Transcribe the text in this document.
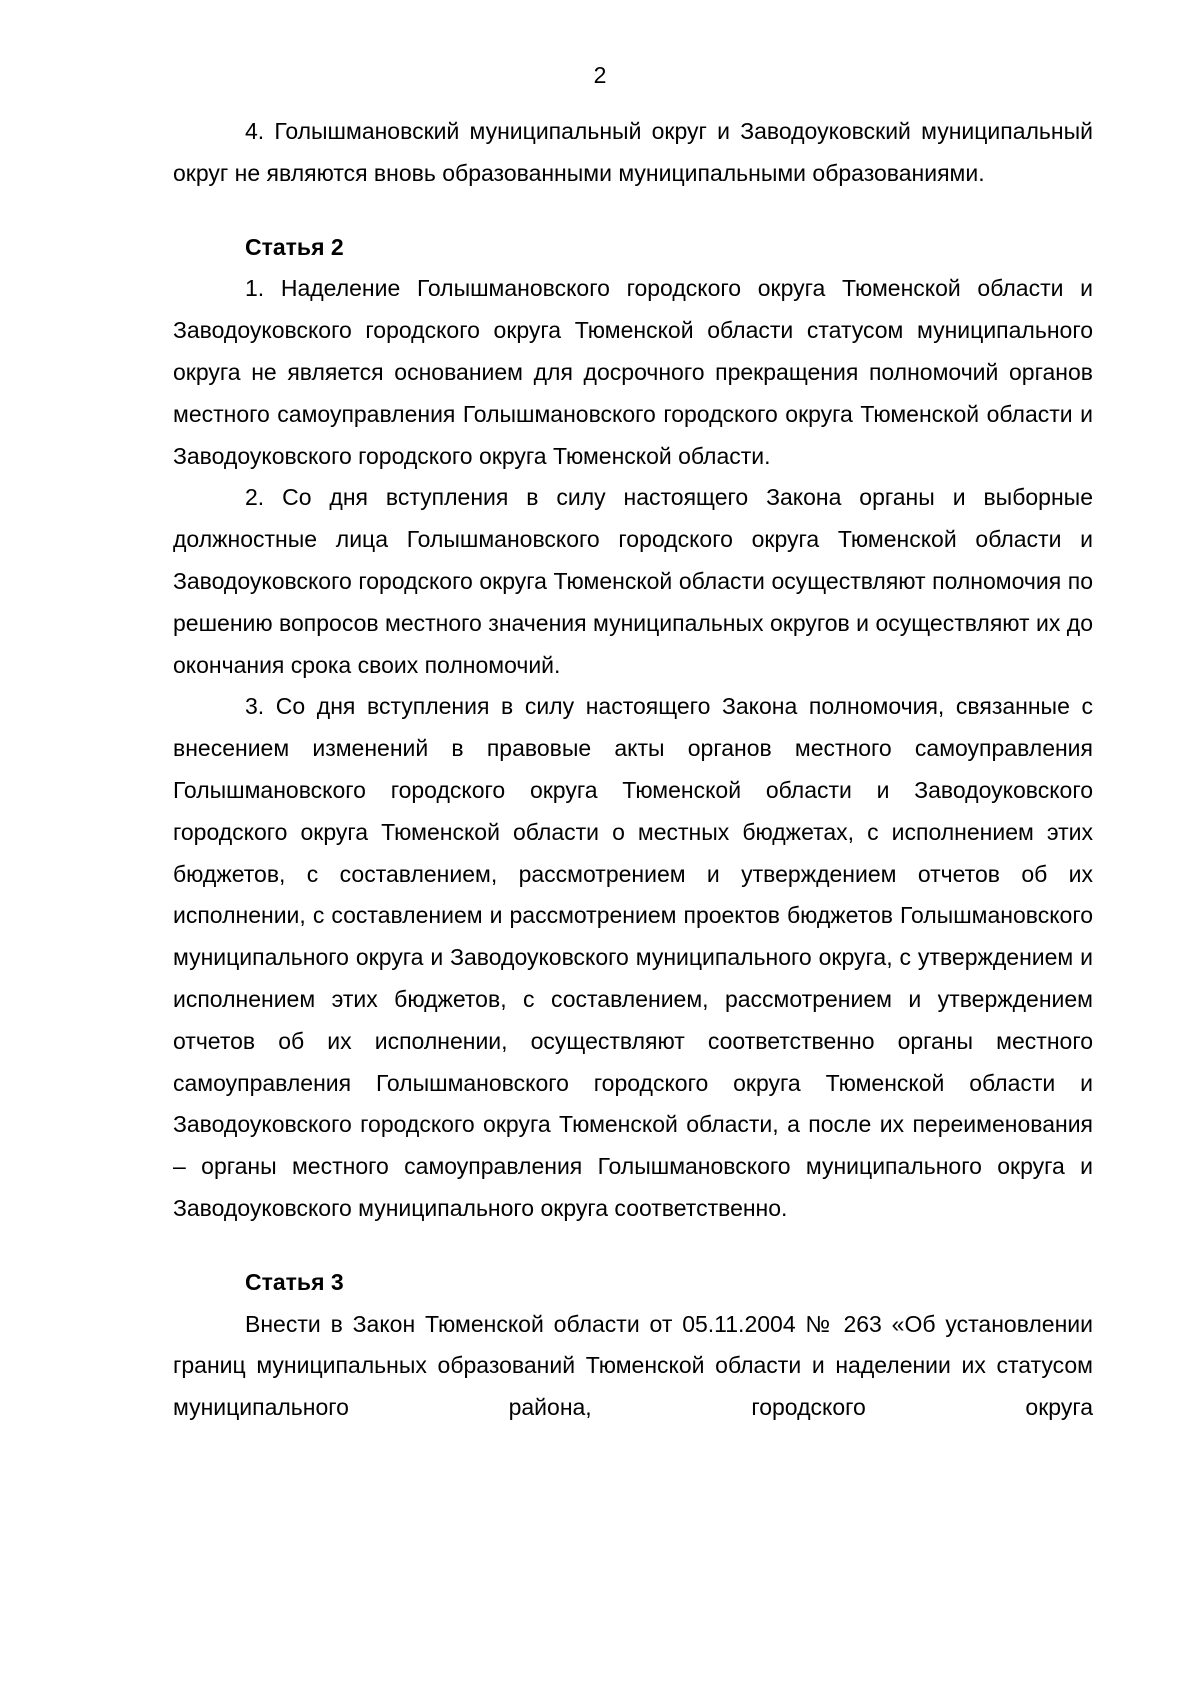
2

4. Голышмановский муниципальный округ и Заводоуковский муниципальный округ не являются вновь образованными муниципальными образованиями.

Статья 2

1. Наделение Голышмановского городского округа Тюменской области и Заводоуковского городского округа Тюменской области статусом муниципального округа не является основанием для досрочного прекращения полномочий органов местного самоуправления Голышмановского городского округа Тюменской области и Заводоуковского городского округа Тюменской области.

2. Со дня вступления в силу настоящего Закона органы и выборные должностные лица Голышмановского городского округа Тюменской области и Заводоуковского городского округа Тюменской области осуществляют полномочия по решению вопросов местного значения муниципальных округов и осуществляют их до окончания срока своих полномочий.

3. Со дня вступления в силу настоящего Закона полномочия, связанные с внесением изменений в правовые акты органов местного самоуправления Голышмановского городского округа Тюменской области и Заводоуковского городского округа Тюменской области о местных бюджетах, с исполнением этих бюджетов, с составлением, рассмотрением и утверждением отчетов об их исполнении, с составлением и рассмотрением проектов бюджетов Голышмановского муниципального округа и Заводоуковского муниципального округа, с утверждением и исполнением этих бюджетов, с составлением, рассмотрением и утверждением отчетов об их исполнении, осуществляют соответственно органы местного самоуправления Голышмановского городского округа Тюменской области и Заводоуковского городского округа Тюменской области, а после их переименования – органы местного самоуправления Голышмановского муниципального округа и Заводоуковского муниципального округа соответственно.

Статья 3

Внести в Закон Тюменской области от 05.11.2004 № 263 «Об установлении границ муниципальных образований Тюменской области и наделении их статусом муниципального района, городского округа
